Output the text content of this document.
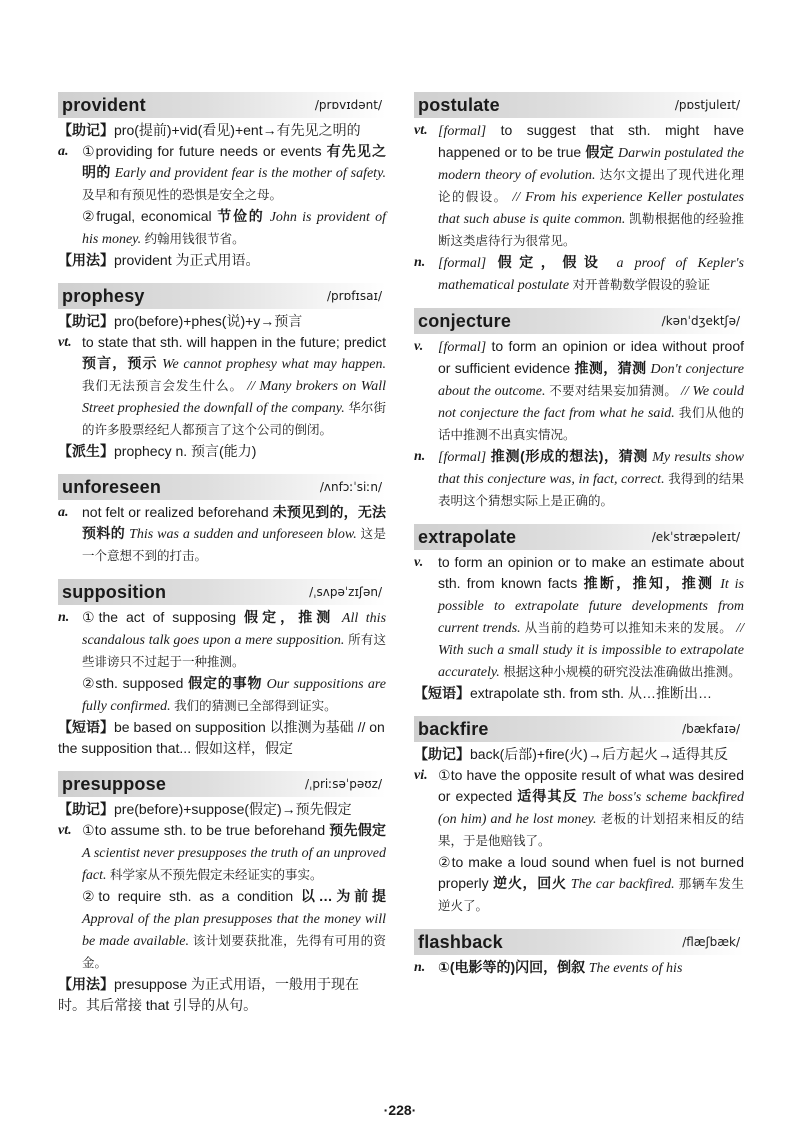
provident	/prɒvɪdənt/
【助记】pro(提前)+vid(看见)+ent→有先见之明的
a. ①providing for future needs or events 有先见之明的 Early and provident fear is the mother of safety. 及早和有预见性的恐惧是安全之母。
②frugal, economical 节俭的 John is provident of his money. 约翰用钱很节省。
【用法】provident 为正式用语。
prophesy	/prɒfɪsaɪ/
【助记】pro(before)+phes(说)+y→预言
vt. to state that sth. will happen in the future; predict 预言，预示 We cannot prophesy what may happen. 我们无法预言会发生什么。 // Many brokers on Wall Street prophesied the downfall of the company. 华尔街的许多股票经纪人都预言了这个公司的倒闭。
【派生】prophecy n. 预言(能力)
unforeseen	/ʌnfɔːˈsiːn/
a. not felt or realized beforehand 未预见到的，无法预料的 This was a sudden and unforeseen blow. 这是一个意想不到的打击。
supposition	/ˌsʌpəˈzɪʃən/
n. ①the act of supposing 假定，推测 All this scandalous talk goes upon a mere supposition. 所有这些诽谤只不过起于一种推测。
②sth. supposed 假定的事物 Our suppositions are fully confirmed. 我们的猜测已全部得到证实。
【短语】be based on supposition 以推测为基础 // on the supposition that... 假如这样，假定
presuppose	/ˌpriːsəˈpəʊz/
【助记】pre(before)+suppose(假定)→预先假定
vt. ①to assume sth. to be true beforehand 预先假定 A scientist never presupposes the truth of an unproved fact. 科学家从不预先假定未经证实的事实。
②to require sth. as a condition 以…为前提 Approval of the plan presupposes that the money will be made available. 该计划要获批准，先得有可用的资金。
【用法】presuppose 为正式用语，一般用于现在时。其后常接 that 引导的从句。
postulate	/pɒstjuleɪt/
vt. [formal] to suggest that sth. might have happened or to be true 假定 Darwin postulated the modern theory of evolution. 达尔文提出了现代进化理论的假设。 // From his experience Keller postulates that such abuse is quite common. 凯勒根据他的经验推断这类虐待行为很常见。
n. [formal] 假定，假设 a proof of Kepler's mathematical postulate 对开普勒数学假设的验证
conjecture	/kənˈdʒektʃə/
v.	[formal] to form an opinion or idea without proof or sufficient evidence 推测，猜测 Don't conjecture about the outcome. 不要对结果妄加猜测。 // We could not conjecture the fact from what he said. 我们从他的话中推测不出真实情况。
n. [formal] 推测(形成的想法)，猜测 My results show that this conjecture was, in fact, correct. 我得到的结果表明这个猜想实际上是正确的。
extrapolate	/ekˈstræpəleɪt/
v.	to form an opinion or to make an estimate about sth. from known facts 推断，推知，推测 It is possible to extrapolate future developments from current trends. 从当前的趋势可以推知未来的发展。 // With such a small study it is impossible to extrapolate accurately. 根据这种小规模的研究没法准确做出推测。
【短语】extrapolate sth. from sth. 从…推断出…
backfire	/bækfaɪə/
【助记】back(后部)+fire(火)→后方起火→适得其反
vi. ①to have the opposite result of what was desired or expected 适得其反 The boss's scheme backfired (on him) and he lost money. 老板的计划招来相反的结果，于是他赔钱了。
②to make a loud sound when fuel is not burned properly 逆火，回火 The car backfired. 那辆车发生逆火了。
flashback	/flæʃbæk/
n. ①(电影等的)闪回，倒叙 The events of his
·228·
